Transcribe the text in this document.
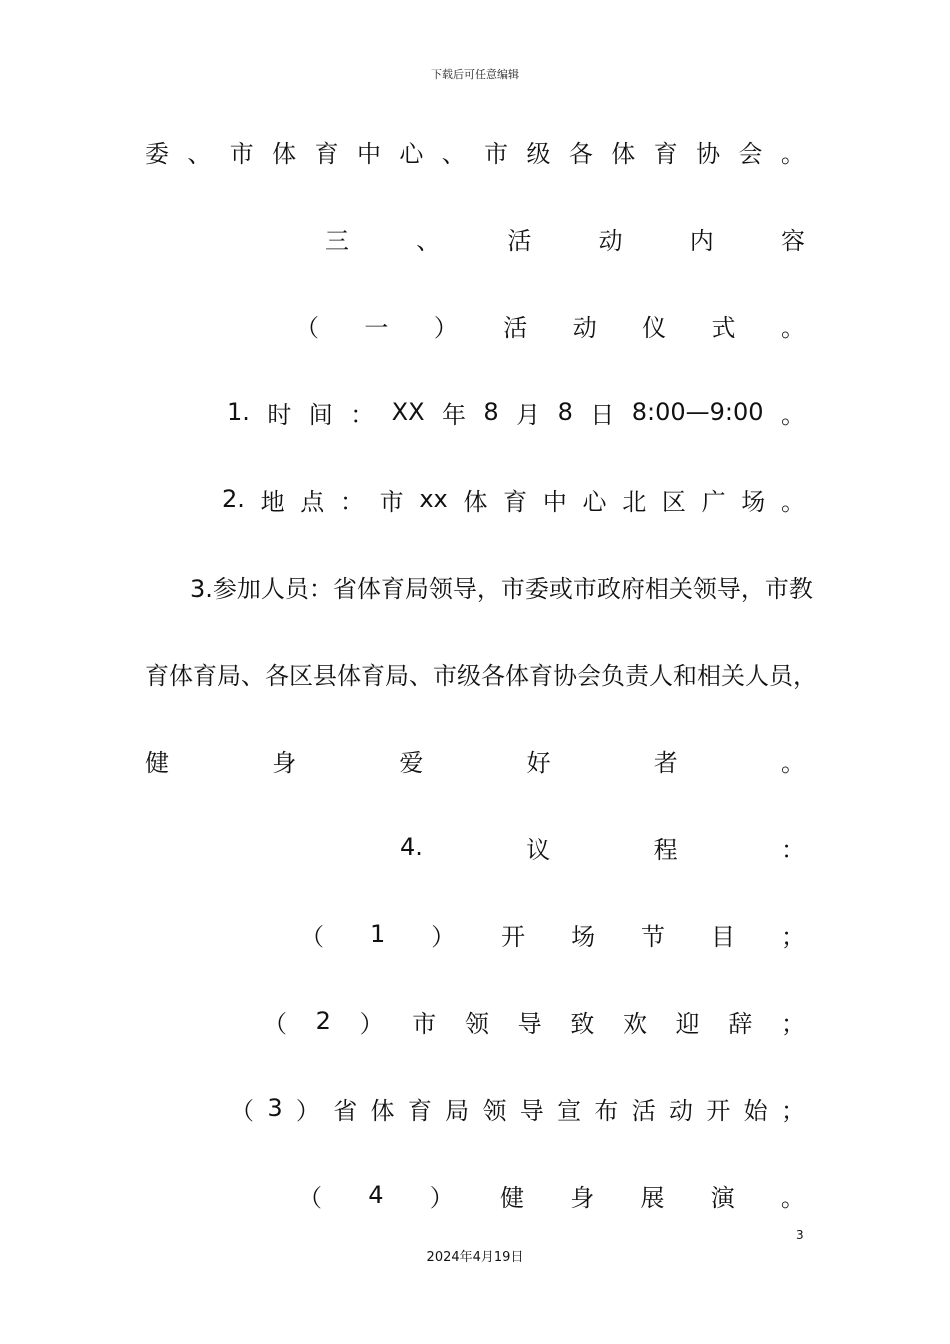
下载后可任意编辑
委 、 市 体 育 中 心 、 市 级 各 体 育 协 会 。
三	、	活	动	内	容
（ 一 ） 活 动 仪 式 。
1. 时 间 ： XX 年 8 月 8 日 8:00—9:00 。
2. 地 点 ： 市 xx 体 育 中 心 北 区 广 场 。
3.参加人员：省体育局领导，市委或市政府相关领导，市教
育体育局、各区县体育局、市级各体育协会负责人和相关人员，
健	身	爱	好	者	。
4.	议	程	：
（ 1 ） 开 场 节 目 ；
（ 2 ） 市 领 导 致 欢 迎 辞 ；
（ 3 ） 省 体 育 局 领 导 宣 布 活 动 开 始 ；
（ 4 ） 健 身 展 演 。
3
2024年4月19日
